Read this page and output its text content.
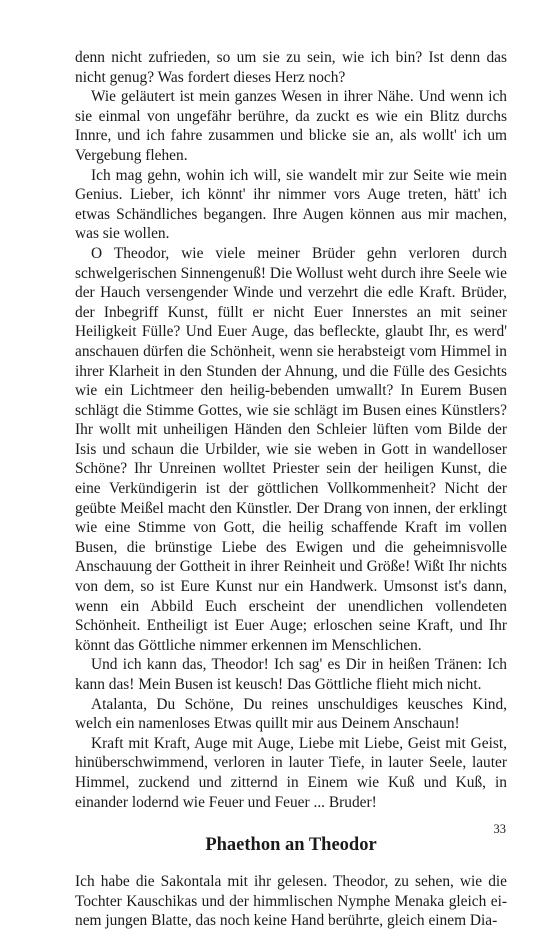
denn nicht zufrieden, so um sie zu sein, wie ich bin? Ist denn das nicht genug? Was fordert dieses Herz noch?

Wie geläutert ist mein ganzes Wesen in ihrer Nähe. Und wenn ich sie einmal von ungefähr berühre, da zuckt es wie ein Blitz durchs Innre, und ich fahre zusammen und blicke sie an, als wollt' ich um Vergebung flehen.

Ich mag gehn, wohin ich will, sie wandelt mir zur Seite wie mein Genius. Lieber, ich könnt' ihr nimmer vors Auge treten, hätt' ich etwas Schändliches begangen. Ihre Augen können aus mir machen, was sie wollen.

O Theodor, wie viele meiner Brüder gehn verloren durch schwelgerischen Sinnengenuß! Die Wollust weht durch ihre Seele wie der Hauch versengender Winde und verzehrt die edle Kraft. Brüder, der Inbegriff Kunst, füllt er nicht Euer Innerstes an mit seiner Heiligkeit Fülle? Und Euer Auge, das befleckte, glaubt Ihr, es werd' anschauen dürfen die Schönheit, wenn sie herabsteigt vom Himmel in ihrer Klarheit in den Stunden der Ahnung, und die Fülle des Gesichts wie ein Lichtmeer den heilig-bebenden umwallt? In Eurem Busen schlägt die Stimme Gottes, wie sie schlägt im Busen eines Künstlers? Ihr wollt mit unheiligen Händen den Schleier lüften vom Bilde der Isis und schaun die Urbilder, wie sie weben in Gott in wandelloser Schöne? Ihr Unreinen wolltet Priester sein der heiligen Kunst, die eine Verkündigerin ist der göttlichen Vollkommenheit? Nicht der geübte Meißel macht den Künstler. Der Drang von innen, der erklingt wie eine Stimme von Gott, die heilig schaffende Kraft im vollen Busen, die brünstige Liebe des Ewigen und die geheimnisvolle Anschauung der Gottheit in ihrer Reinheit und Größe! Wißt Ihr nichts von dem, so ist Eure Kunst nur ein Handwerk. Umsonst ist's dann, wenn ein Abbild Euch erscheint der unendlichen vollendeten Schönheit. Entheiligt ist Euer Auge; erloschen seine Kraft, und Ihr könnt das Göttliche nimmer erkennen im Menschlichen.

Und ich kann das, Theodor! Ich sag' es Dir in heißen Tränen: Ich kann das! Mein Busen ist keusch! Das Göttliche flieht mich nicht.

Atalanta, Du Schöne, Du reines unschuldiges keusches Kind, welch ein namenloses Etwas quillt mir aus Deinem Anschaun!

Kraft mit Kraft, Auge mit Auge, Liebe mit Liebe, Geist mit Geist, hinüberschwimmend, verloren in lauter Tiefe, in lauter Seele, lauter Himmel, zuckend und zitternd in Einem wie Kuß und Kuß, in einander lodernd wie Feuer und Feuer ... Bruder!

Phaethon an Theodor

Ich habe die Sakontala mit ihr gelesen. Theodor, zu sehen, wie die Tochter Kauschikas und der himmlischen Nymphe Menaka gleich einem jungen Blatte, das noch keine Hand berührte, gleich einem Dia-

33
